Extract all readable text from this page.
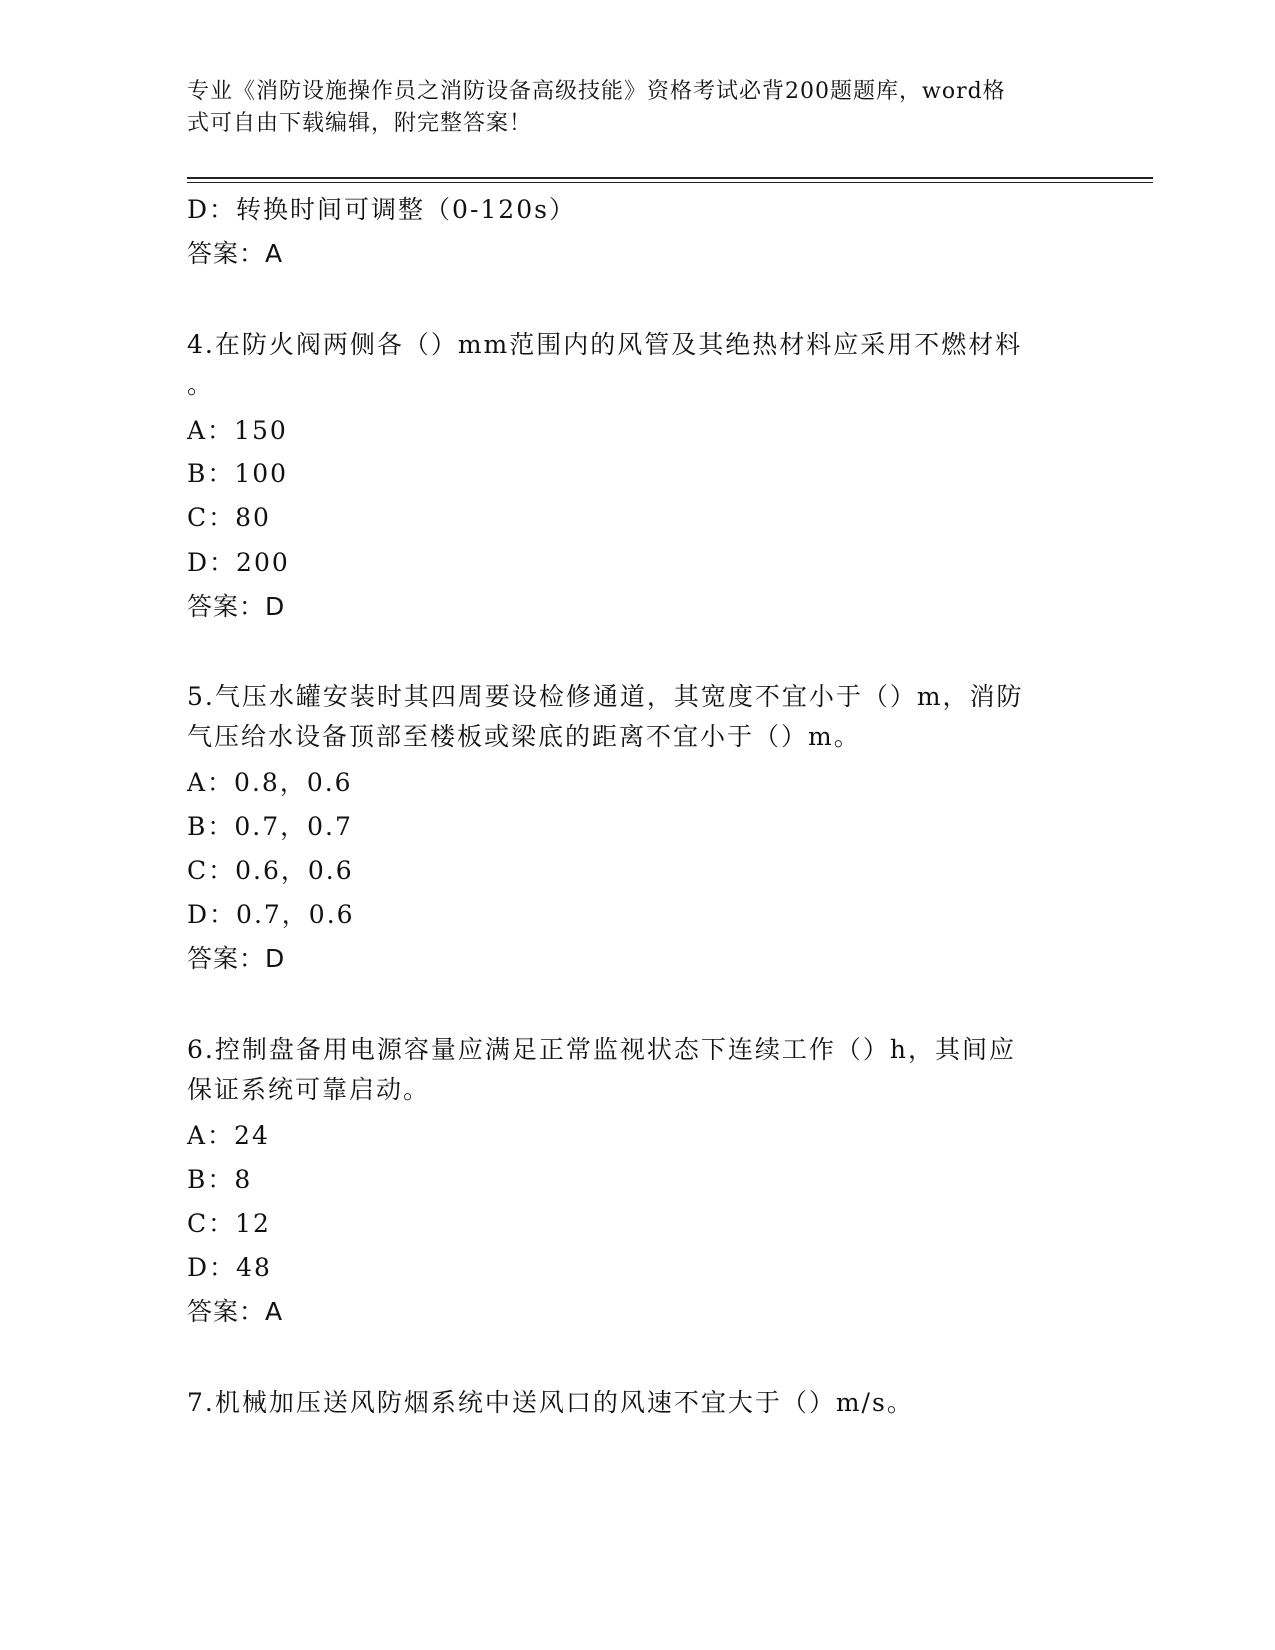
专业《消防设施操作员之消防设备高级技能》资格考试必背200题题库，word格
式可自由下载编辑，附完整答案！
D：转换时间可调整（0-120s）
答案：A
4.在防火阀两侧各（）mm范围内的风管及其绝热材料应采用不燃材料
。
A：150
B：100
C：80
D：200
答案：D
5.气压水罐安装时其四周要设检修通道，其宽度不宜小于（）m，消防
气压给水设备顶部至楼板或梁底的距离不宜小于（）m。
A：0.8，0.6
B：0.7，0.7
C：0.6，0.6
D：0.7，0.6
答案：D
6.控制盘备用电源容量应满足正常监视状态下连续工作（）h，其间应
保证系统可靠启动。
A：24
B：8
C：12
D：48
答案：A
7.机械加压送风防烟系统中送风口的风速不宜大于（）m/s。
